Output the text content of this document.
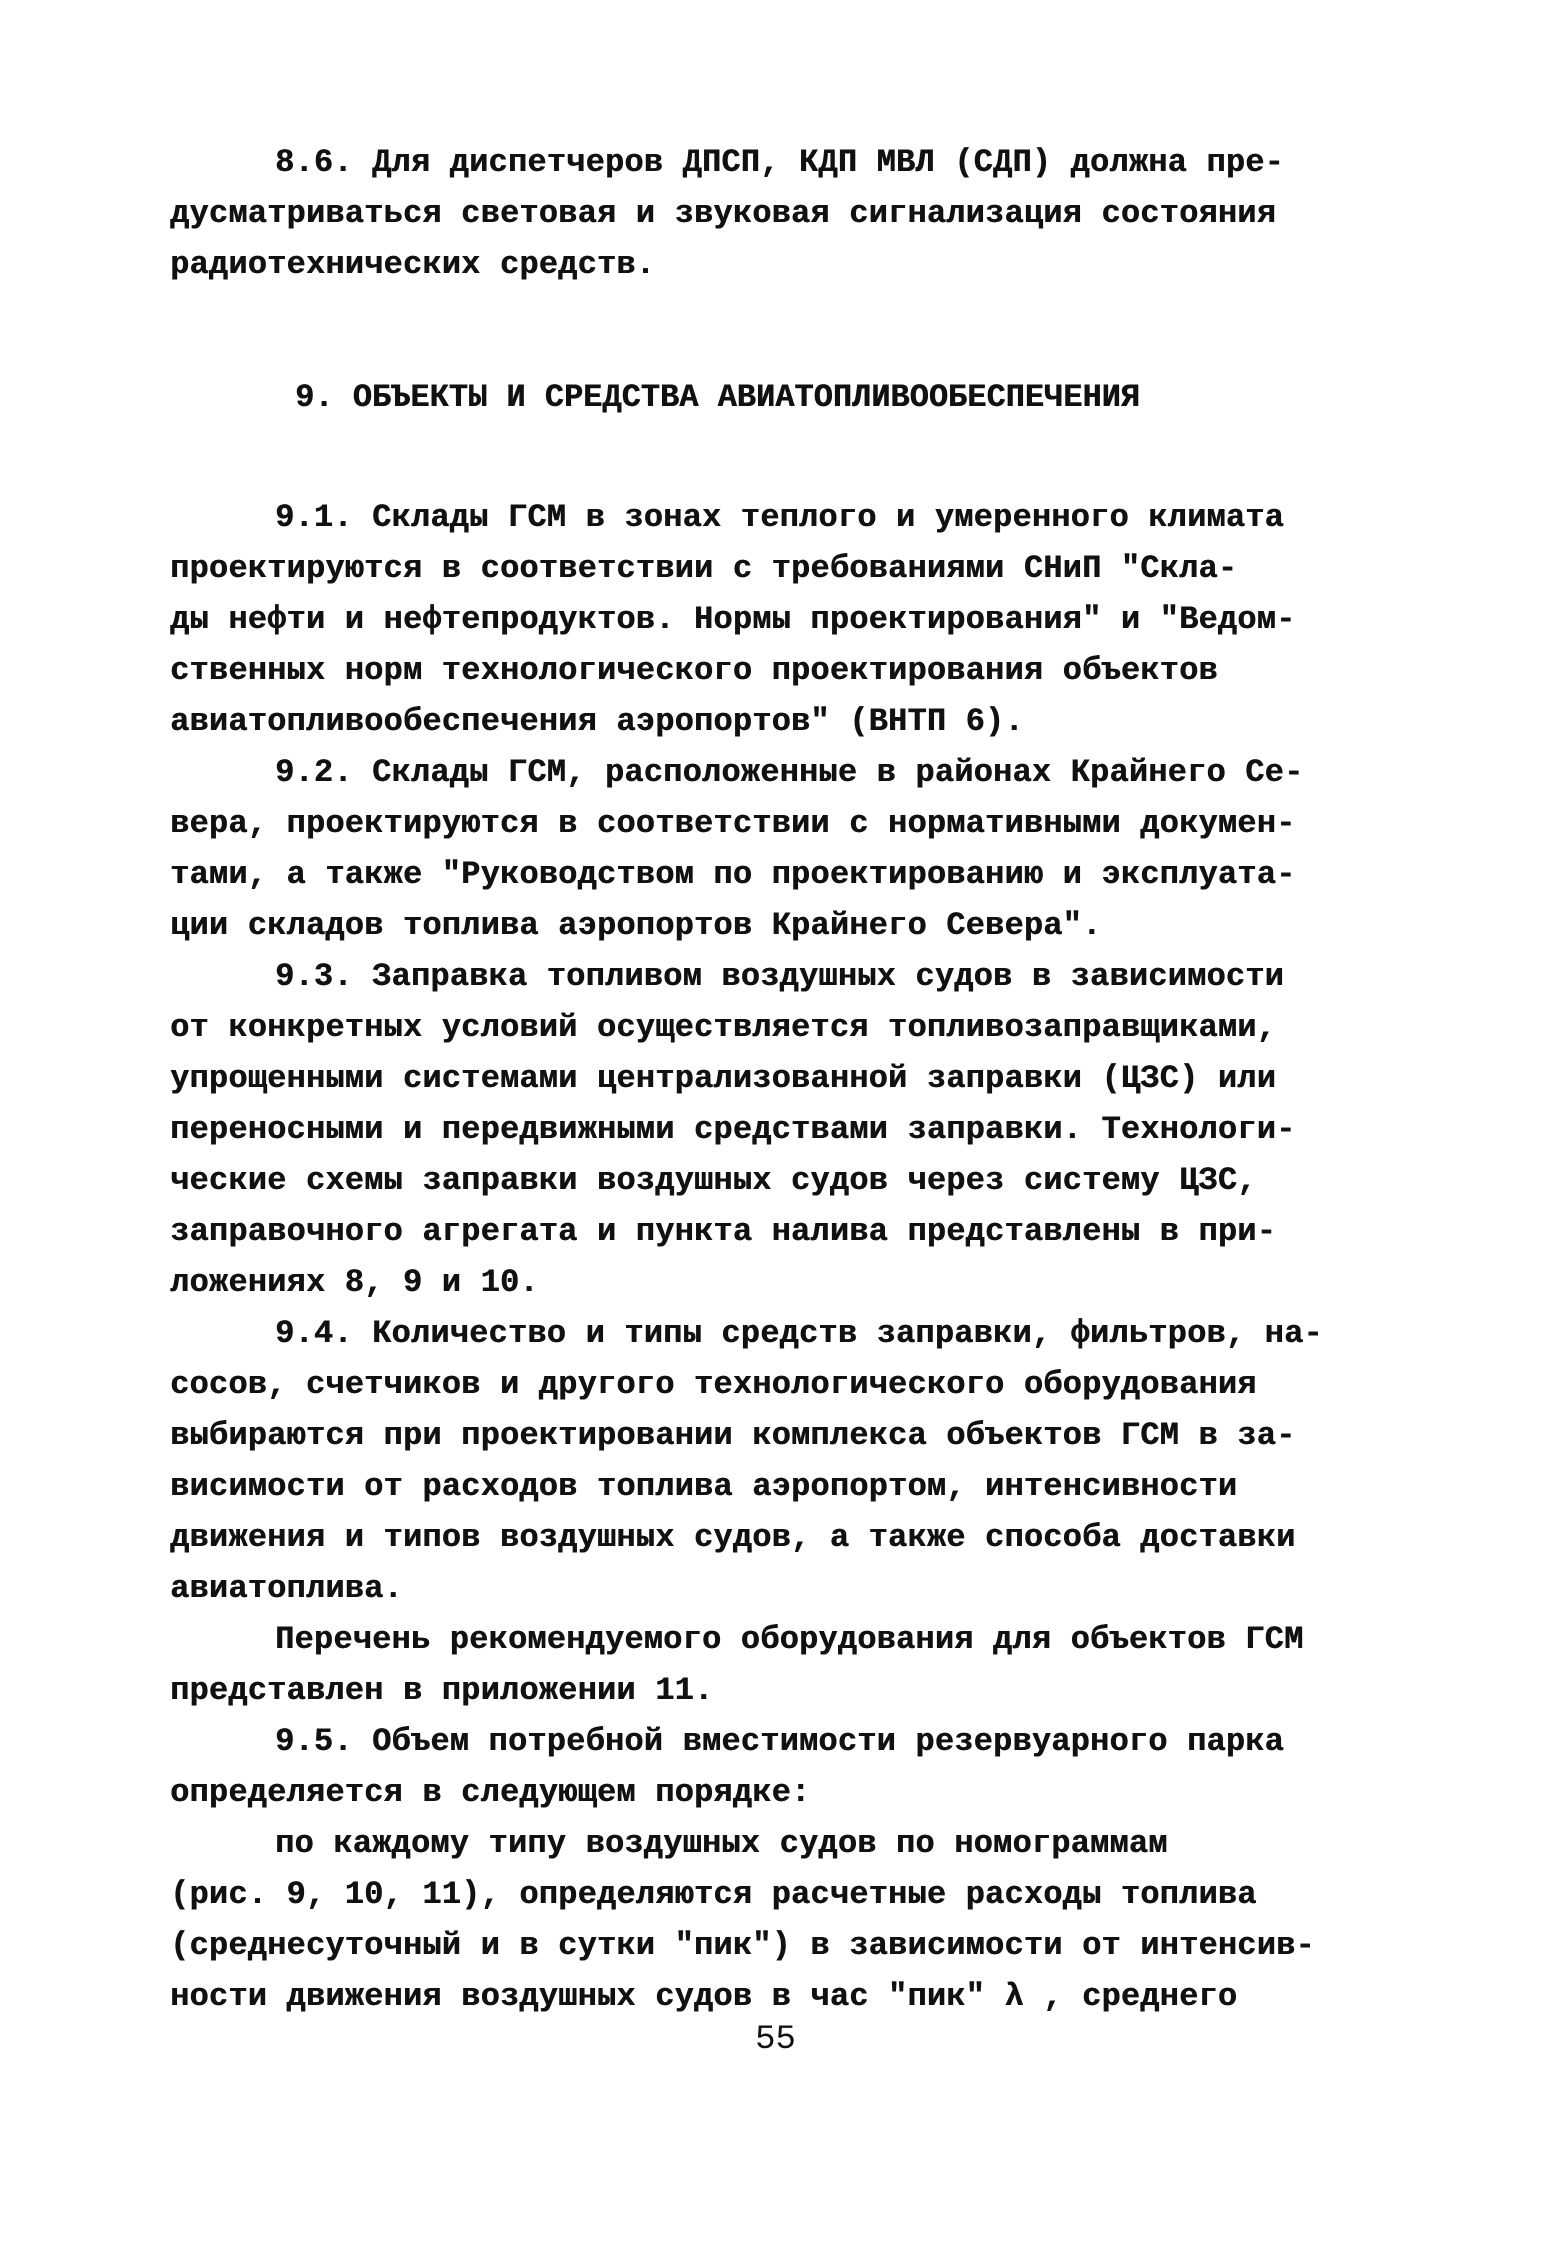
8.6. Для диспетчеров ДПСП, КДП МВЛ (СДП) должна пре-
дусматриваться световая и звуковая сигнализация состояния
радиотехнических средств.
9. ОБЪЕКТЫ И СРЕДСТВА АВИАТОПЛИВООБЕСПЕЧЕНИЯ
9.1. Склады ГСМ в зонах теплого и умеренного климата
проектируются в соответствии с требованиями СНиП "Скла-
ды нефти и нефтепродуктов. Нормы проектирования" и "Ведом-
ственных норм технологического проектирования объектов
авиатопливообеспечения аэропортов" (ВНТП 6).
9.2. Склады ГСМ, расположенные в районах Крайнего Се-
вера, проектируются в соответствии с нормативными докумен-
тами, а также "Руководством по проектированию и эксплуата-
ции складов топлива аэропортов Крайнего Севера".
9.3. Заправка топливом воздушных судов в зависимости
от конкретных условий осуществляется топливозаправщиками,
упрощенными системами централизованной заправки (ЦЗС) или
переносными и передвижными средствами заправки. Технологи-
ческие схемы заправки воздушных судов через систему ЦЗС,
заправочного агрегата и пункта налива представлены в при-
ложениях 8, 9 и 10.
9.4. Количество и типы средств заправки, фильтров, на-
сосов, счетчиков и другого технологического оборудования
выбираются при проектировании комплекса объектов ГСМ в за-
висимости от расходов топлива аэропортом, интенсивности
движения и типов воздушных судов, а также способа доставки
авиатоплива.
Перечень рекомендуемого оборудования для объектов ГСМ
представлен в приложении 11.
9.5. Объем потребной вместимости резервуарного парка
определяется в следующем порядке:
по каждому типу воздушных судов по номограммам
(рис. 9, 10, 11), определяются расчетные расходы топлива
(среднесуточный и в сутки "пик") в зависимости от интенсив-
ности движения воздушных судов в час "пик" λ , среднего
55
